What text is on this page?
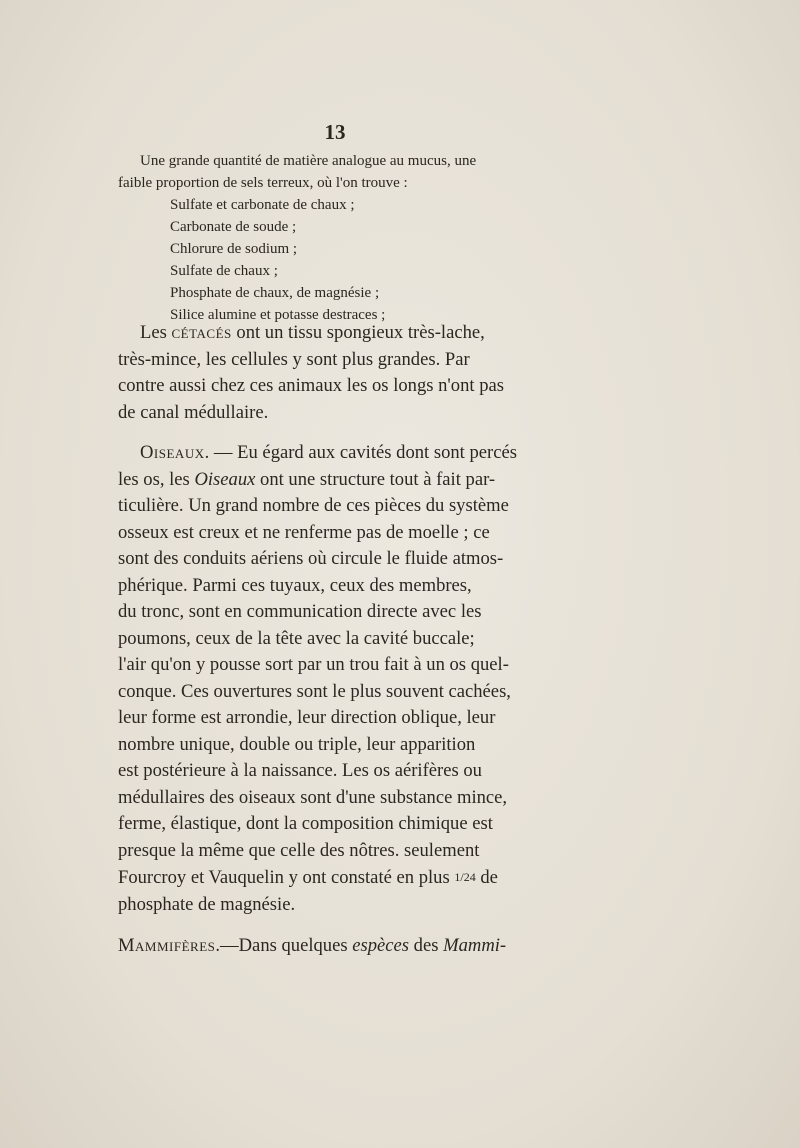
13
Une grande quantité de matière analogue au mucus, une
faible proportion de sels terreux, où l'on trouve :
Sulfate et carbonate de chaux ;
Carbonate de soude ;
Chlorure de sodium ;
Sulfate de chaux ;
Phosphate de chaux, de magnésie ;
Silice alumine et potasse destraces ;
Les cétacés ont un tissu spongieux très-lache,
très-mince, les cellules y sont plus grandes. Par
contre aussi chez ces animaux les os longs n'ont pas
de canal médullaire.
Oiseaux. — Eu égard aux cavités dont sont percés
les os, les Oiseaux ont une structure tout à fait par-
ticulière. Un grand nombre de ces pièces du système
osseux est creux et ne renferme pas de moelle ; ce
sont des conduits aériens où circule le fluide atmos-
phérique. Parmi ces tuyaux, ceux des membres,
du tronc, sont en communication directe avec les
poumons, ceux de la tête avec la cavité buccale;
l'air qu'on y pousse sort par un trou fait à un os quel-
conque. Ces ouvertures sont le plus souvent cachées,
leur forme est arrondie, leur direction oblique, leur
nombre unique, double ou triple, leur apparition
est postérieure à la naissance. Les os aérifères ou
médullaires des oiseaux sont d'une substance mince,
ferme, élastique, dont la composition chimique est
presque la même que celle des nôtres. seulement
Fourcroy et Vauquelin y ont constaté en plus 1/24 de
phosphate de magnésie.
Mammifères.—Dans quelques espèces des Mammi-
